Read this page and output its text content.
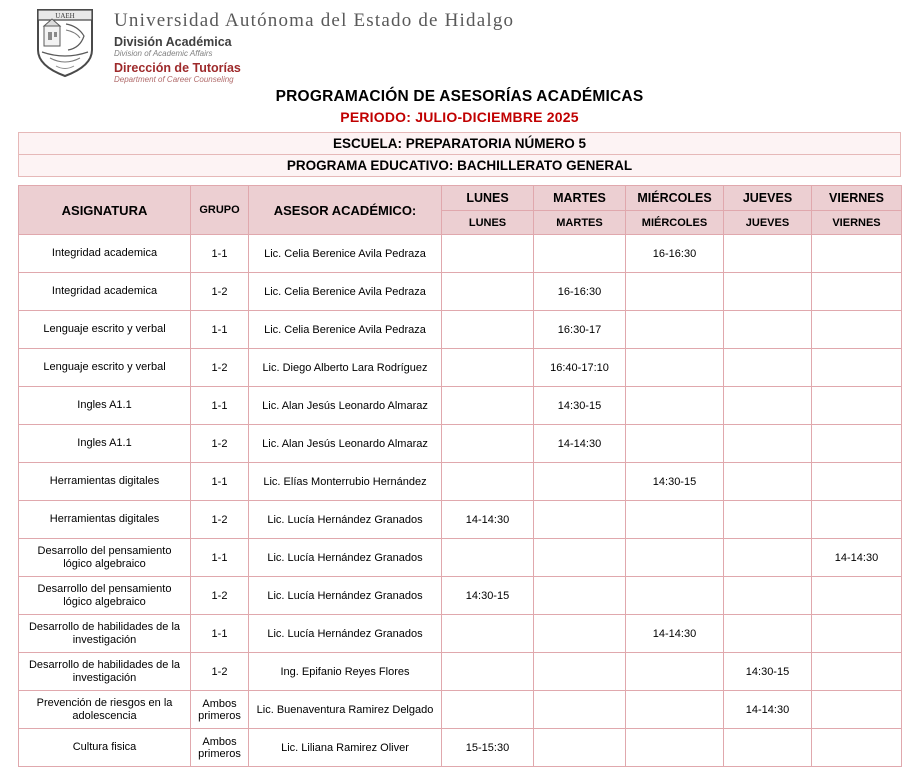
UAEH Universidad Autónoma del Estado de Hidalgo
División Académica
Division of Academic Affairs
Dirección de Tutorías
Department of Career Counseling
PROGRAMACIÓN DE ASESORÍAS ACADÉMICAS
PERIODO: JULIO-DICIEMBRE 2025
ESCUELA: PREPARATORIA NÚMERO 5
PROGRAMA EDUCATIVO: BACHILLERATO GENERAL
ASIGNATURA	GRUPO	ASESOR ACADÉMICO:	LUNES	MARTES	MIÉRCOLES	JUEVES	VIERNES
			LUNES	MARTES	MIÉRCOLES	JUEVES	VIERNES
Integridad academica	1-1	Lic. Celia Berenice Avila Pedraza			16-16:30		
Integridad academica	1-2	Lic. Celia Berenice Avila Pedraza		16-16:30			
Lenguaje escrito y verbal	1-1	Lic. Celia Berenice Avila Pedraza		16:30-17			
Lenguaje escrito y verbal	1-2	Lic. Diego Alberto Lara Rodríguez		16:40-17:10			
Ingles A1.1	1-1	Lic. Alan Jesús Leonardo Almaraz		14:30-15			
Ingles A1.1	1-2	Lic. Alan Jesús Leonardo Almaraz		14-14:30			
Herramientas digitales	1-1	Lic. Elías Monterrubio Hernández			14:30-15		
Herramientas digitales	1-2	Lic. Lucía Hernández Granados	14-14:30				
Desarrollo del pensamiento lógico algebraico	1-1	Lic. Lucía Hernández Granados					14-14:30
Desarrollo del pensamiento lógico algebraico	1-2	Lic. Lucía Hernández Granados	14:30-15				
Desarrollo de habilidades de la investigación	1-1	Lic. Lucía Hernández Granados			14-14:30		
Desarrollo de habilidades de la investigación	1-2	Ing. Epifanio Reyes Flores				14:30-15	
Prevención de riesgos en la adolescencia	Ambos primeros	Lic. Buenaventura Ramirez Delgado				14-14:30	
Cultura fisica	Ambos primeros	Lic. Liliana Ramirez Oliver	15-15:30				
